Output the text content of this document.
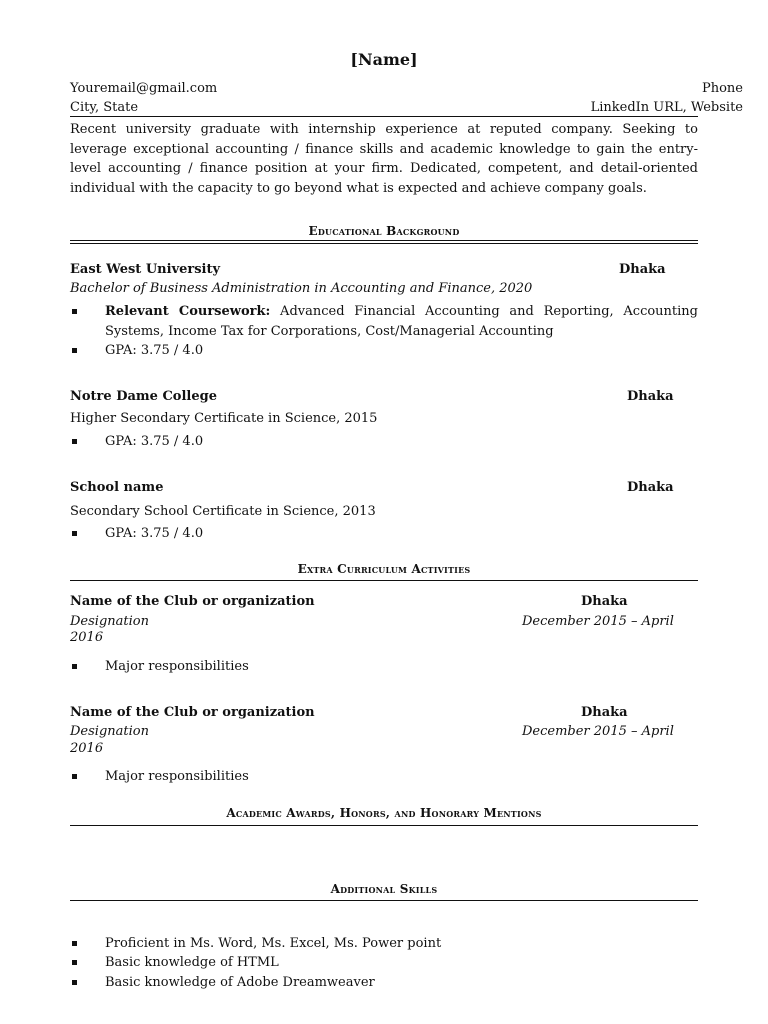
[Name]
Youremail@gmail.com	Phone
City, State	LinkedIn URL, Website
Recent university graduate with internship experience at reputed company. Seeking to leverage exceptional accounting / finance skills and academic knowledge to gain the entry-level accounting / finance position at your firm. Dedicated, competent, and detail-oriented individual with the capacity to go beyond what is expected and achieve company goals.
Educational Background
East West University	Dhaka
Bachelor of Business Administration in Accounting and Finance, 2020
Relevant Coursework: Advanced Financial Accounting and Reporting, Accounting Systems, Income Tax for Corporations, Cost/Managerial Accounting
GPA: 3.75 / 4.0
Notre Dame College	Dhaka
Higher Secondary Certificate in Science, 2015
GPA: 3.75 / 4.0
School name	Dhaka
Secondary School Certificate in Science, 2013
GPA: 3.75 / 4.0
Extra Curriculum Activities
Name of the Club or organization	Dhaka
Designation	December 2015 – April
2016
Major responsibilities
Name of the Club or organization	Dhaka
Designation	December 2015 – April
2016
Major responsibilities
Academic Awards, Honors, and Honorary Mentions
Additional Skills
Proficient in Ms. Word, Ms. Excel, Ms. Power point
Basic knowledge of HTML
Basic knowledge of Adobe Dreamweaver
